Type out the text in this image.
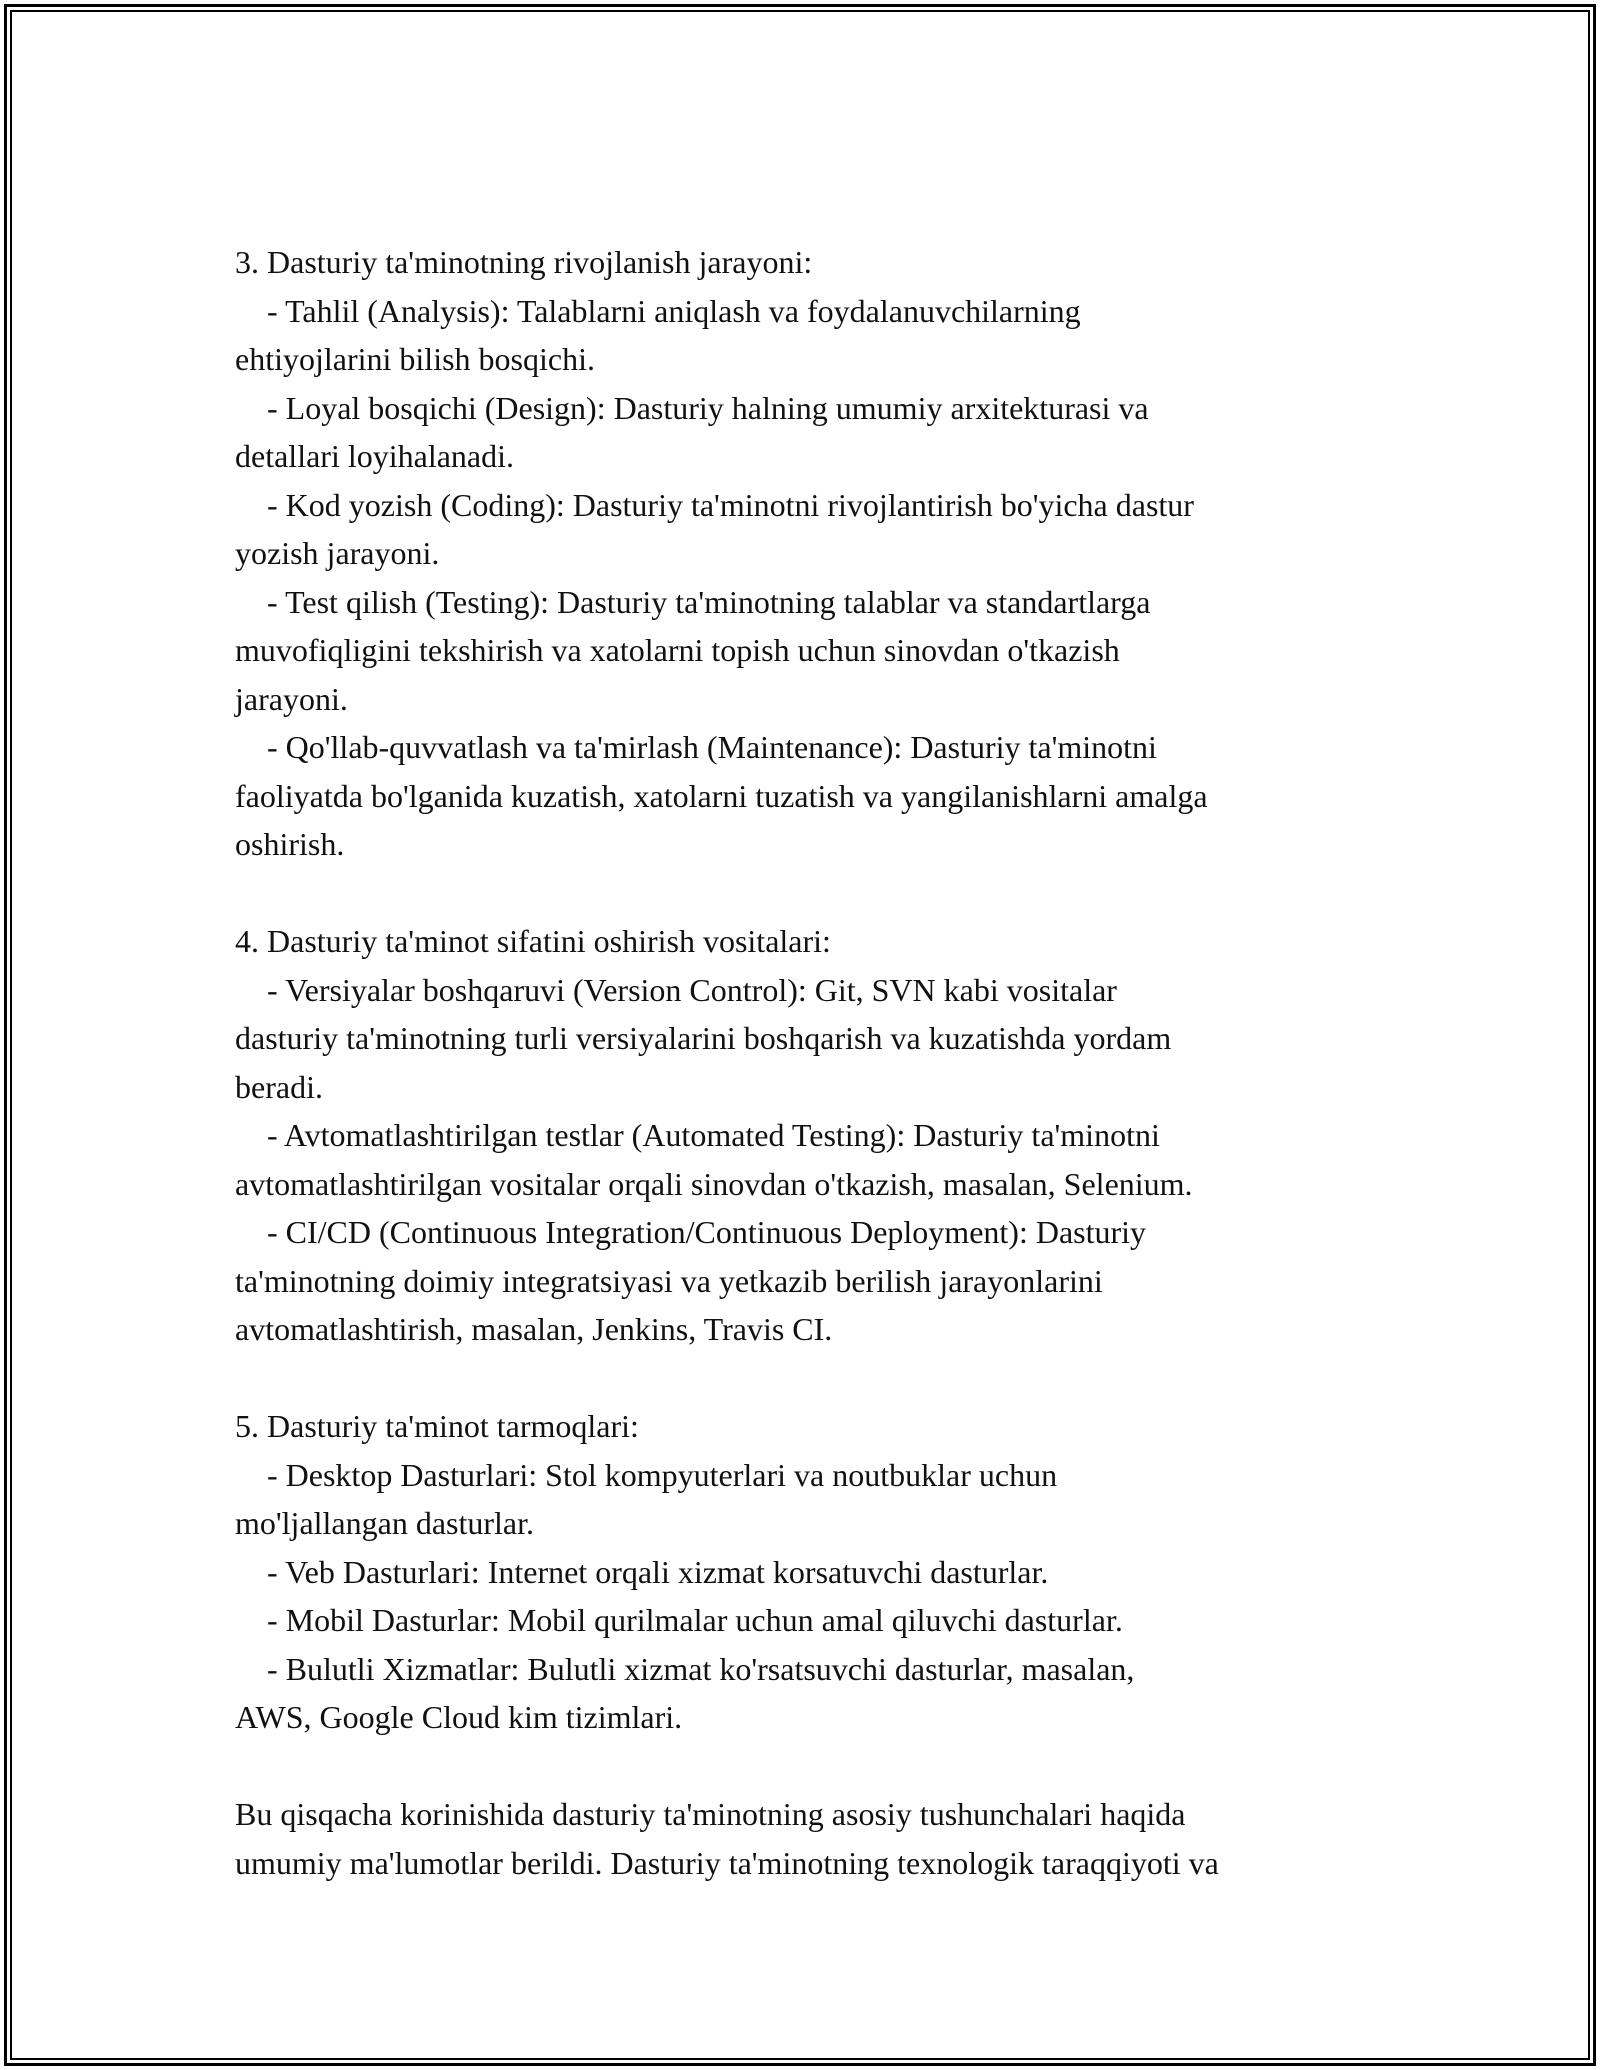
3. Dasturiy ta'minotning rivojlanish jarayoni:
- Tahlil (Analysis): Talablarni aniqlash va foydalanuvchilarning
ehtiyojlarini bilish bosqichi.
- Loyal bosqichi (Design): Dasturiy halning umumiy arxitekturasi va
detallari loyihalanadi.
- Kod yozish (Coding): Dasturiy ta'minotni rivojlantirish bo'yicha dastur
yozish jarayoni.
- Test qilish (Testing): Dasturiy ta'minotning talablar va standartlarga
muvofiqligini tekshirish va xatolarni topish uchun sinovdan o'tkazish
jarayoni.
- Qo'llab-quvvatlash va ta'mirlash (Maintenance): Dasturiy ta'minotni
faoliyatda bo'lganida kuzatish, xatolarni tuzatish va yangilanishlarni amalga
oshirish.
4. Dasturiy ta'minot sifatini oshirish vositalari:
- Versiyalar boshqaruvi (Version Control): Git, SVN kabi vositalar
dasturiy ta'minotning turli versiyalarini boshqarish va kuzatishda yordam
beradi.
- Avtomatlashtirilgan testlar (Automated Testing): Dasturiy ta'minotni
avtomatlashtirilgan vositalar orqali sinovdan o'tkazish, masalan, Selenium.
- CI/CD (Continuous Integration/Continuous Deployment): Dasturiy
ta'minotning doimiy integratsiyasi va yetkazib berilish jarayonlarini
avtomatlashtirish, masalan, Jenkins, Travis CI.
5. Dasturiy ta'minot tarmoqlari:
- Desktop Dasturlari: Stol kompyuterlari va noutbuklar uchun
mo'ljallangan dasturlar.
- Veb Dasturlari: Internet orqali xizmat korsatuvchi dasturlar.
- Mobil Dasturlar: Mobil qurilmalar uchun amal qiluvchi dasturlar.
- Bulutli Xizmatlar: Bulutli xizmat ko'rsatsuvchi dasturlar, masalan,
AWS, Google Cloud kim tizimlari.
Bu qisqacha korinishida dasturiy ta'minotning asosiy tushunchalari haqida
umumiy ma'lumotlar berildi. Dasturiy ta'minotning texnologik taraqqiyoti va
